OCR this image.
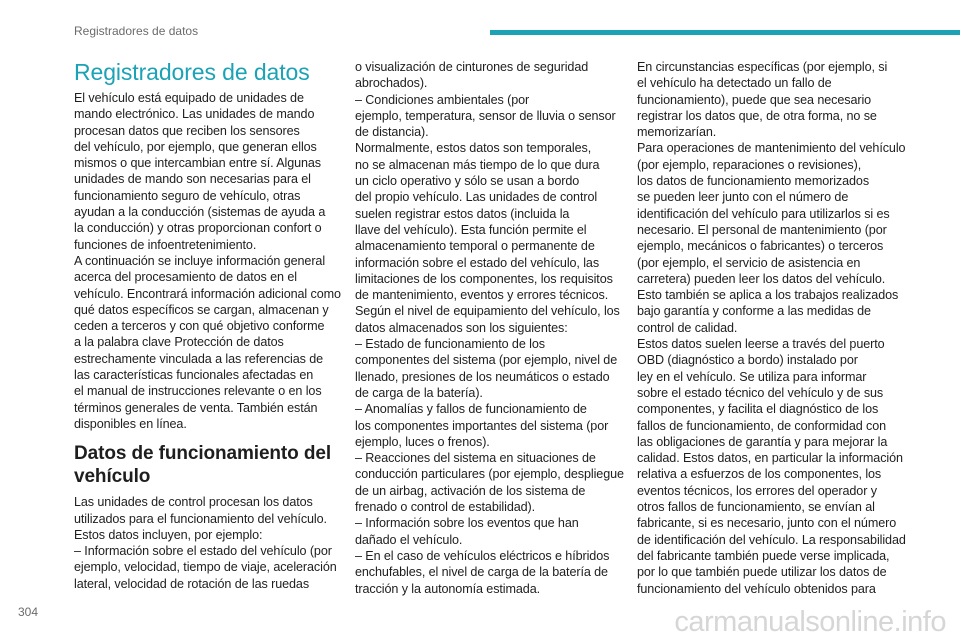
Registradores de datos
Registradores de datos

El vehículo está equipado de unidades de

mando electrónico. Las unidades de mando

procesan datos que reciben los sensores

del vehículo, por ejemplo, que generan ellos

mismos o que intercambian entre sí. Algunas

unidades de mando son necesarias para el

funcionamiento seguro de vehículo, otras

ayudan a la conducción (sistemas de ayuda a

la conducción) y otras proporcionan confort o

funciones de infoentretenimiento.

A continuación se incluye información general

acerca del procesamiento de datos en el

vehículo. Encontrará información adicional como

qué datos específicos se cargan, almacenan y

ceden a terceros y con qué objetivo conforme

a la palabra clave Protección de datos

estrechamente vinculada a las referencias de

las características funcionales afectadas en

el manual de instrucciones relevante o en los

términos generales de venta. También están

disponibles en línea.

Datos de funcionamiento del vehículo

Las unidades de control procesan los datos

utilizados para el funcionamiento del vehículo.

Estos datos incluyen, por ejemplo:

– Información sobre el estado del vehículo (por

ejemplo, velocidad, tiempo de viaje, aceleración

lateral, velocidad de rotación de las ruedas

o visualización de cinturones de seguridad

abrochados).

– Condiciones ambientales (por

ejemplo, temperatura, sensor de lluvia o sensor

de distancia).

Normalmente, estos datos son temporales,

no se almacenan más tiempo de lo que dura

un ciclo operativo y sólo se usan a bordo

del propio vehículo. Las unidades de control

suelen registrar estos datos (incluida la

llave del vehículo). Esta función permite el

almacenamiento temporal o permanente de

información sobre el estado del vehículo, las

limitaciones de los componentes, los requisitos

de mantenimiento, eventos y errores técnicos.

Según el nivel de equipamiento del vehículo, los

datos almacenados son los siguientes:

– Estado de funcionamiento de los

componentes del sistema (por ejemplo, nivel de

llenado, presiones de los neumáticos o estado

de carga de la batería).

– Anomalías y fallos de funcionamiento de

los componentes importantes del sistema (por

ejemplo, luces o frenos).

– Reacciones del sistema en situaciones de

conducción particulares (por ejemplo, despliegue

de un airbag, activación de los sistema de

frenado o control de estabilidad).

– Información sobre los eventos que han

dañado el vehículo.

– En el caso de vehículos eléctricos e híbridos

enchufables, el nivel de carga de la batería de

tracción y la autonomía estimada.

En circunstancias específicas (por ejemplo, si

el vehículo ha detectado un fallo de

funcionamiento), puede que sea necesario

registrar los datos que, de otra forma, no se

memorizarían.

Para operaciones de mantenimiento del vehículo

(por ejemplo, reparaciones o revisiones),

los datos de funcionamiento memorizados

se pueden leer junto con el número de

identificación del vehículo para utilizarlos si es

necesario. El personal de mantenimiento (por

ejemplo, mecánicos o fabricantes) o terceros

(por ejemplo, el servicio de asistencia en

carretera) pueden leer los datos del vehículo.

Esto también se aplica a los trabajos realizados

bajo garantía y conforme a las medidas de

control de calidad.

Estos datos suelen leerse a través del puerto

OBD (diagnóstico a bordo) instalado por

ley en el vehículo. Se utiliza para informar

sobre el estado técnico del vehículo y de sus

componentes, y facilita el diagnóstico de los

fallos de funcionamiento, de conformidad con

las obligaciones de garantía y para mejorar la

calidad. Estos datos, en particular la información

relativa a esfuerzos de los componentes, los

eventos técnicos, los errores del operador y

otros fallos de funcionamiento, se envían al

fabricante, si es necesario, junto con el número

de identificación del vehículo. La responsabilidad

del fabricante también puede verse implicada,

por lo que también puede utilizar los datos de

funcionamiento del vehículo obtenidos para

304	carmanualsonline.info
